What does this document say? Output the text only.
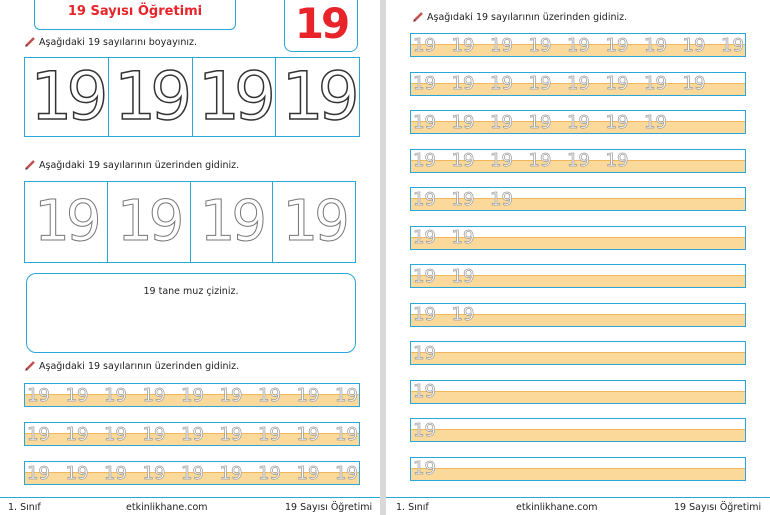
19 Sayısı Öğretimi 19
Aşağıdaki 19 sayılarını boyayınız.
19 19 19 19
Aşağıdaki 19 sayılarının üzerinden gidiniz.
19 19 19 19
19 tane muz çiziniz.
Aşağıdaki 19 sayılarının üzerinden gidiniz.
19 19 19 19 19 19 19 19 19
19 19 19 19 19 19 19 19 19
19 19 19 19 19 19 19 19 19
1. Sınıf	etkinlikhane.com	19 Sayısı Öğretimi
Aşağıdaki 19 sayılarının üzerinden gidiniz.
19 19 19 19 19 19 19 19 19
19 19 19 19 19 19 19 19
19 19 19 19 19 19 19
19 19 19 19 19 19
19 19 19
19 19
19 19
19 19
19
19
19
19
1. Sınıf	etkinlikhane.com	19 Sayısı Öğretimi
